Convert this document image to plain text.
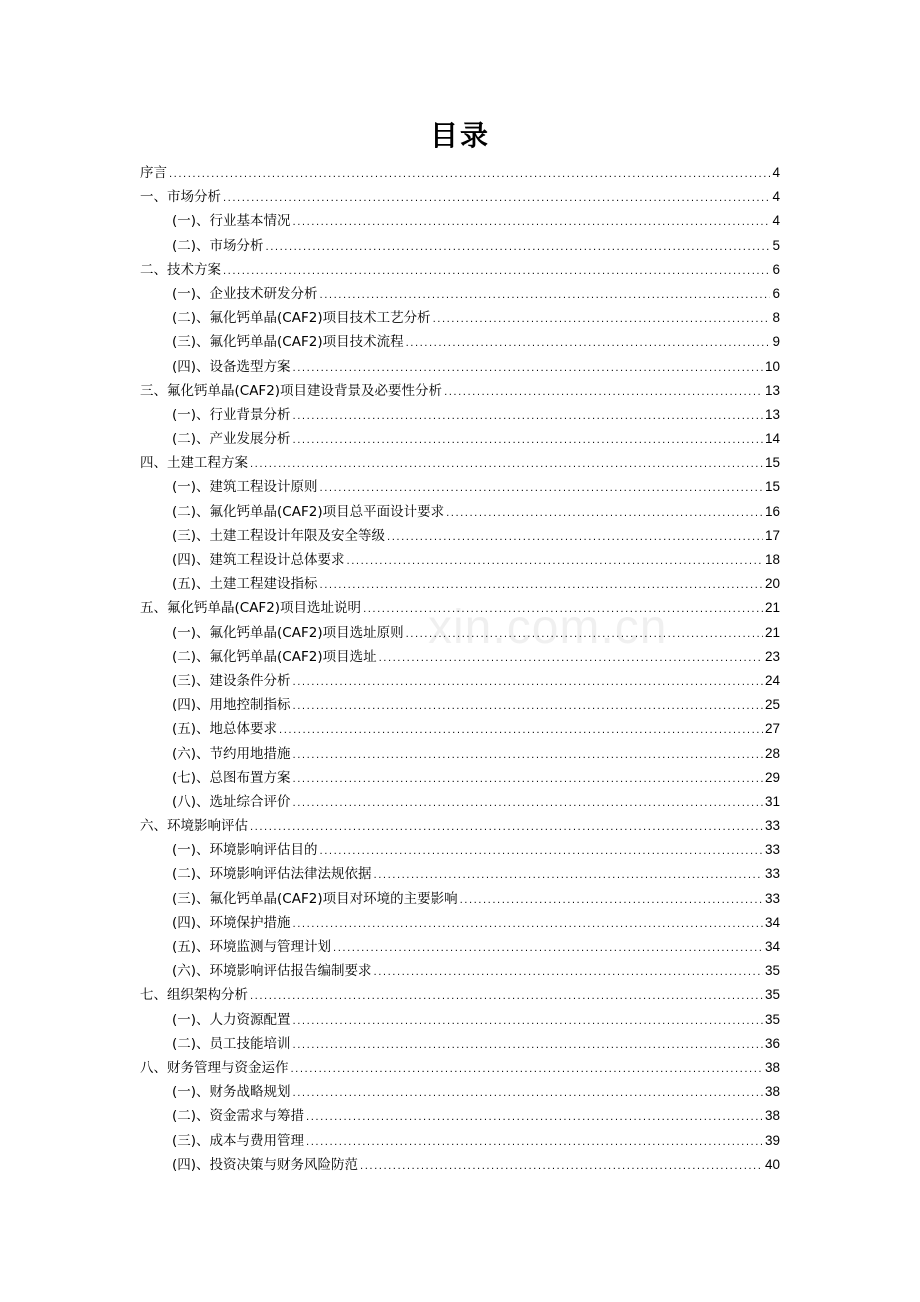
目录
序言 .....	4
一、市场分析 .....	4
(一)、行业基本情况 .....	4
(二)、市场分析 .....	5
二、技术方案 .....	6
(一)、企业技术研发分析 .....	6
(二)、氟化钙单晶(CAF2)项目技术工艺分析 .....	8
(三)、氟化钙单晶(CAF2)项目技术流程 .....	9
(四)、设备选型方案 .....	10
三、氟化钙单晶(CAF2)项目建设背景及必要性分析 .....	13
(一)、行业背景分析 .....	13
(二)、产业发展分析 .....	14
四、土建工程方案 .....	15
(一)、建筑工程设计原则 .....	15
(二)、氟化钙单晶(CAF2)项目总平面设计要求 .....	16
(三)、土建工程设计年限及安全等级 .....	17
(四)、建筑工程设计总体要求 .....	18
(五)、土建工程建设指标 .....	20
五、氟化钙单晶(CAF2)项目选址说明 .....	21
(一)、氟化钙单晶(CAF2)项目选址原则 .....	21
(二)、氟化钙单晶(CAF2)项目选址 .....	23
(三)、建设条件分析 .....	24
(四)、用地控制指标 .....	25
(五)、地总体要求 .....	27
(六)、节约用地措施 .....	28
(七)、总图布置方案 .....	29
(八)、选址综合评价 .....	31
六、环境影响评估 .....	33
(一)、环境影响评估目的 .....	33
(二)、环境影响评估法律法规依据 .....	33
(三)、氟化钙单晶(CAF2)项目对环境的主要影响 .....	33
(四)、环境保护措施 .....	34
(五)、环境监测与管理计划 .....	34
(六)、环境影响评估报告编制要求 .....	35
七、组织架构分析 .....	35
(一)、人力资源配置 .....	35
(二)、员工技能培训 .....	36
八、财务管理与资金运作 .....	38
(一)、财务战略规划 .....	38
(二)、资金需求与筹措 .....	38
(三)、成本与费用管理 .....	39
(四)、投资决策与财务风险防范 .....	40
xin.com.cn
